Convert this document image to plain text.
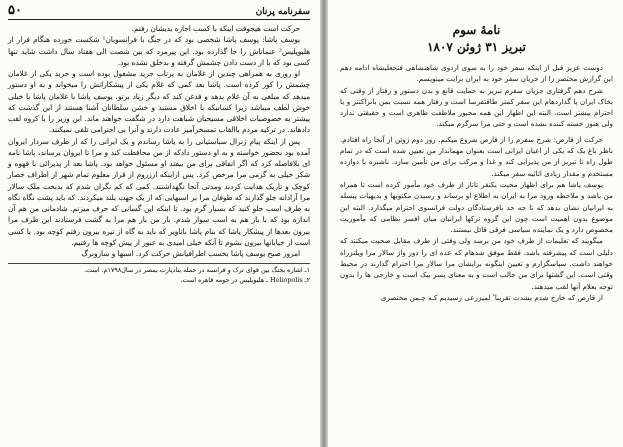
سفرنامه پرنان
۵۰

حرکت است هیجوقت اینکه با کسب اجازه بدیشان رفتم.

یوسف پاشا: پوسف پاشا شخصی بود که در جنگ با فرانسویان¹ شکست خورده هنگام فرار از هلیوپلیس² عنماناش را جا گذارده بود. این پیرمرد که بین شصت الی هفتاد سال داشت شاید تنها کسی بود که با از دست دادن چشمش گرفته و بدخلق نشده بود.

او روزی به همراهی چندین از غلامان به پرتاب جرید مشغول بوده است و جرید یکی از غلامان چشمش را کور کرده است. پاشا بعد کمی که غلام یکی از پیشکارانش را میخواند و به او دستور میدهد که مبلغی به آن غلام بدهد و قدغن کند که دیگر زیاد برتو. یوسف پاشا با غلامان پاشا با خیلی خوش لطف میباشد زیرا کسانیکه با اخلاق مستبد و خشن سلطانان آشنا هستند از این گذشت که پیشتر به خصوصیات اخلاقی مسیحیان شباهت دارد در شگفت خواهند ماند. این وزیر را با کروه لقب دادهاند. در ترکیه مردم باالقاب تمسخرآمیز عادت دارند و آنرا بی احترامی تلقی نمیکنند.

پس از اینکه پیام ژنرال سباستیانی را به پاشا رساندم و یک ایرانی را که از طرف سردار ایروان آمده بود بحضور خواسته و به او دستور دادکه از من محافظت کند و مرا تا ایروان برساند، پاشا نامه ای بلافاصله کرد که اگر اتفاقی برای من بیفتد او مسئول خواهد بود. پاشا بعد از پذیرائی با قهوه و شکر خیلی به گرمی مرا مرخص کرد. پس ازاینکه ارزروم از قرار معلوم تمام شهر از اطراف حصار کوچک و تاریک هدایت کردند ومدتی آنجا نگهداشتند. کمی که کم نگران شدم که بدبخت ملک سالار مرا آزادانه جلو گذارند که طوفان مرا بر اسبهایی که از یک جهت بلند میکردند. که باید پشت نگاه نگاه به طرف اسب جلو کنید که بسیار گرم بود. تا اینکه این گسانی که حرف میزنم. شادمانی من هم آن اندازه بود که با باز هم به اسب سوار شدم. باز من بار هم مرا به گشت فرستادند این طرف مرا بیرون بعدها از پیشکار پاشا که بنام پاشا باتاویر که باید به گاه از تیره بیرون رفتم کوچه بود. یا کسی است از خیابانها بیرون بشوم تا آنکه خیلی امیدی به عبور از پیش کوچه ها رفتیم.

امروز صبح یوسف پاشا بخسب اطرافیانش حرکت کرد. اسبها و سازوبرگ

۱ـ اشاره بجنگ بین قوای ترک و فرانسه در حمله بنادپارت بمصر در سال۱۷۹۸م. است.

۲ـ Heliopolis ـ هلیوپلیس در حومه قاهره است.

نامهٔ سوم
تبریز ۳۱ ژوئن ۱۸۰۷

دوست عزیز قبل از اینکه سفر خود را به سوی اردوی شاهنشاهی فتحعلیشاه ادامه دهم این گزارش مختصر را از جریان سفر خود به ایران برایت مینویسم.

شرح دهم گرفتاری جریان سفرم تبریز به حمایت قانع و بدن دستور و رفتار از وقتی که بخاک ایران پا گذاردهام این سفر کمتر طاقتفرسا است و رفتار همه نسبت بمن بانزاکتتر و با احترام بیشتر است. البته این اظهار این همه مجبور ملاطفت ظاهری است و حقیقتی ندارد ولی هنوز خسته کننده نشده است و حتی مرا سرگرم میکند.

حرکت از قارص: شرح سفرم را از قارص شروع میکنم. روز دوم ژوئن از آنجا راه افتادم. ناظر باغ یک که یکی از اعیان ایرانی است بعنوان مهماندار من تعیین شده است که در تمام طول راه تا تبریز از من پذیرایی کند و غذا و مرکب برای من تأمین سازد. ناشبره با دوازده مستخدم و مقدار زیادی اثاثیه سفر میکند.

یوسف پاشا هم برای اظهار محبت یکنفر تاتار از طرف خود مأمور کرده است تا همراه من باشد و ملاحظه ورود مرا به ایران به اطلاع او برساند و رسیدن مکتوبها و بدیهیات پیسله به ایرانیان نشان بدهد که تا جه حد بافرستادگان دولت فرانسوی احترام میگذارد. البته این موضوع بدون اهمیت است چون این گروه ترکها ایرانیان میان افسر نظامی که مأموریت مخصوص دارد و یک نماینده سیاسی فرقی قائل نیستند.

میگویند که تعلیمات از طرف خود من برسد ولی وقتی از طرف مقابل صحبت میکنند که دلیلی است که پیشرفته باشد. فقط موفق شدهام که عده ای را دور واژ سالار مرا ویلنزراه خواهند داشت. سپاسگزارم و تعیین اینگونه برایشان مرا سالار مرا احترام گذارند در محیط وقتی است. این گشتها برای من جالب است و به معنای پسر بیک است و خارجی ها را بدون توجه بعلام آنها لقب میدهند.

از قارص که خارج شدم بشدت تقریبا ً لمیزرعی رسیدیم کـه چـمن مختصری
